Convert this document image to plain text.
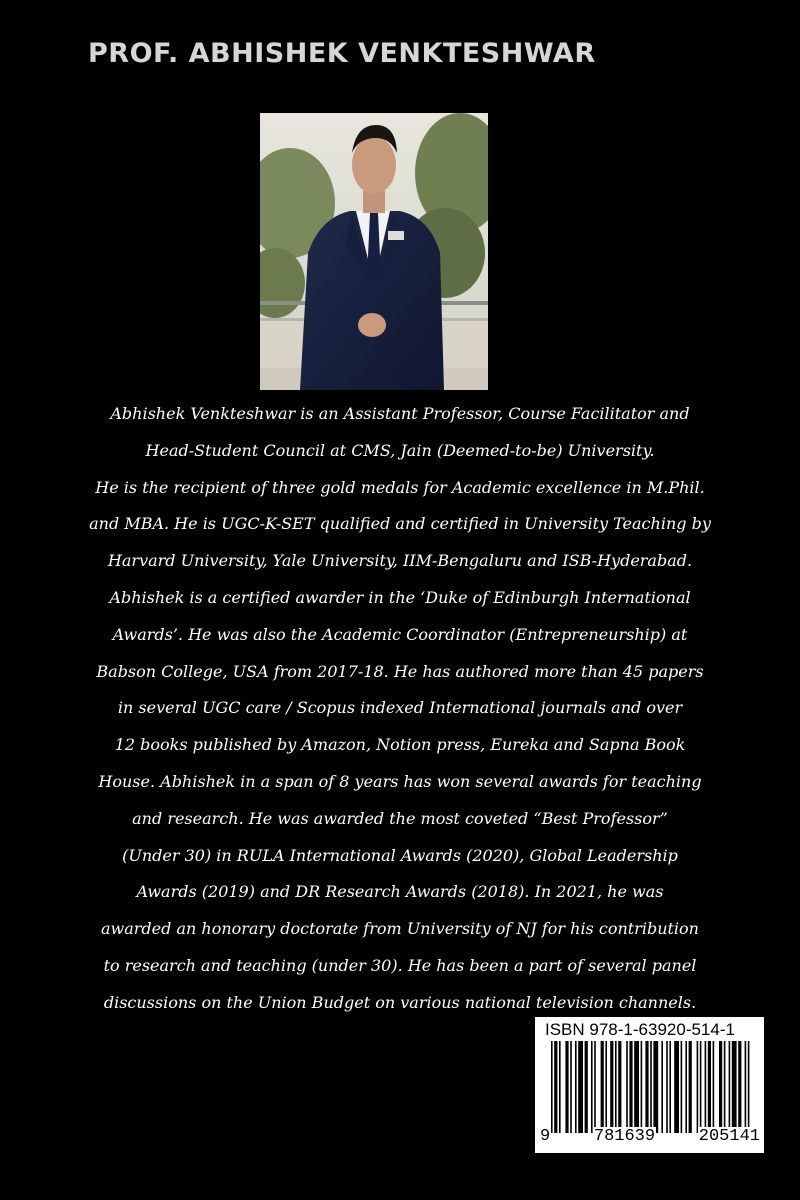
PROF. ABHISHEK VENKTESHWAR
Abhishek Venkteshwar is an Assistant Professor, Course Facilitator and
Head-Student Council at CMS, Jain (Deemed-to-be) University.
He is the recipient of three gold medals for Academic excellence in M.Phil.
and MBA. He is UGC-K-SET qualified and certified in University Teaching by
Harvard University, Yale University, IIM-Bengaluru and ISB-Hyderabad.
Abhishek is a certified awarder in the ‘Duke of Edinburgh International
Awards’. He was also the Academic Coordinator (Entrepreneurship) at
Babson College, USA from 2017-18. He has authored more than 45 papers
in several UGC care / Scopus indexed International journals and over
12 books published by Amazon, Notion press, Eureka and Sapna Book
House. Abhishek in a span of 8 years has won several awards for teaching
and research. He was awarded the most coveted “Best Professor”
(Under 30) in RULA International Awards (2020), Global Leadership
Awards (2019) and DR Research Awards (2018). In 2021, he was
awarded an honorary doctorate from University of NJ for his contribution
to research and teaching (under 30). He has been a part of several panel
discussions on the Union Budget on various national television channels.
ISBN 978-1-63920-514-1
9	781639	205141
